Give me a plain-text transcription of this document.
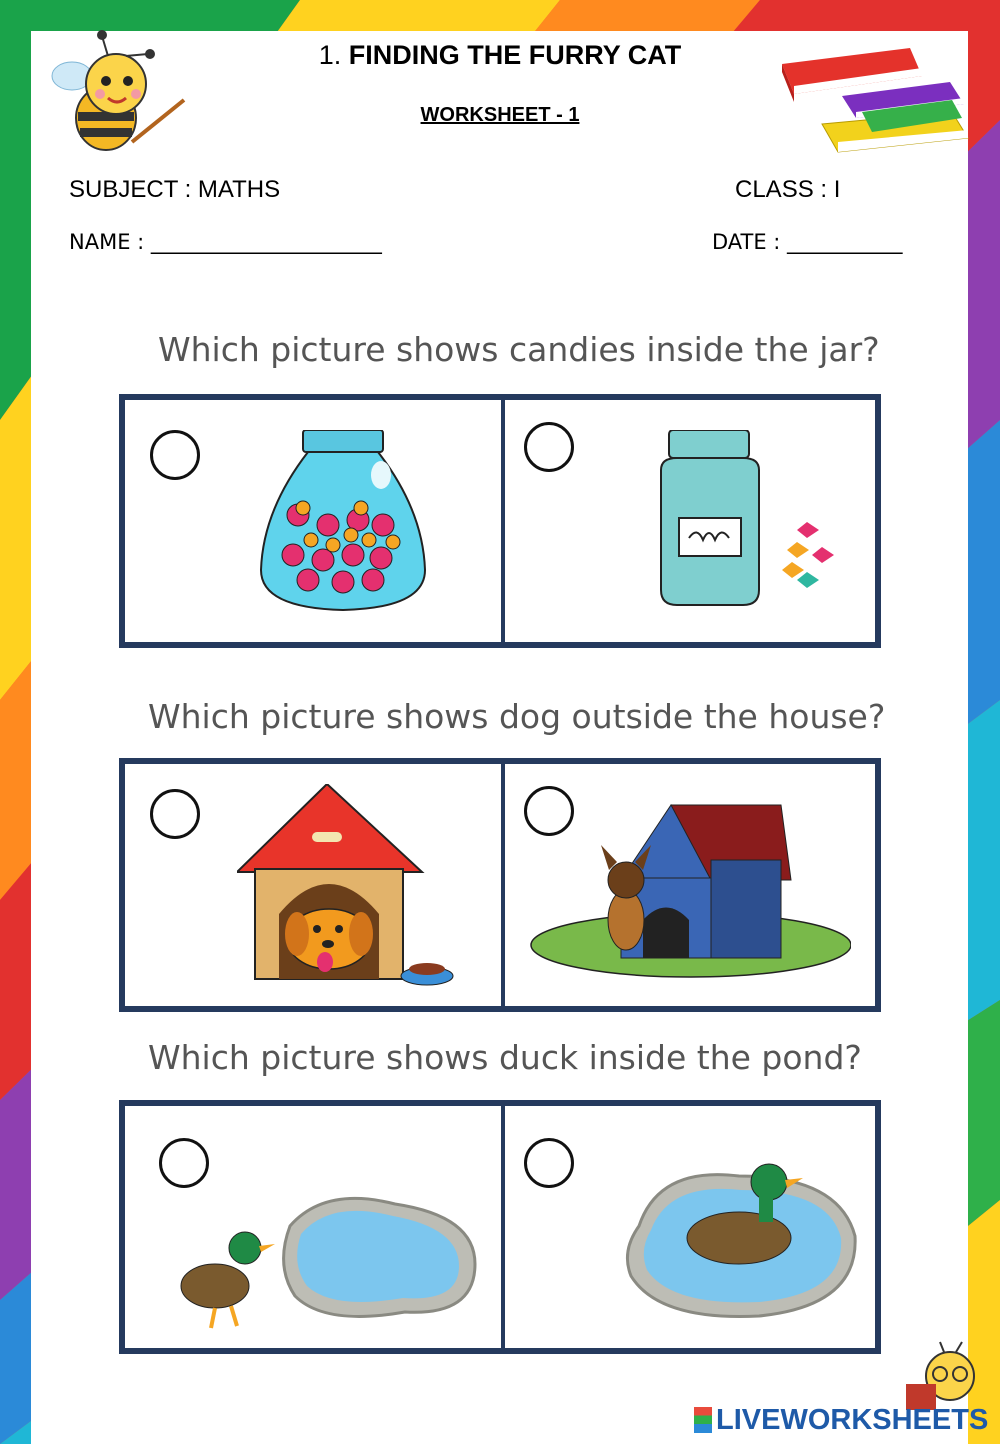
1. FINDING THE FURRY CAT
WORKSHEET - 1
SUBJECT : MATHS	CLASS : I
NAME : ______________________	DATE : ___________
Which picture shows candies inside the jar?
Which picture shows dog outside the house?
Which picture shows duck inside the pond?
LIVEWORKSHEETS
STC PDY
